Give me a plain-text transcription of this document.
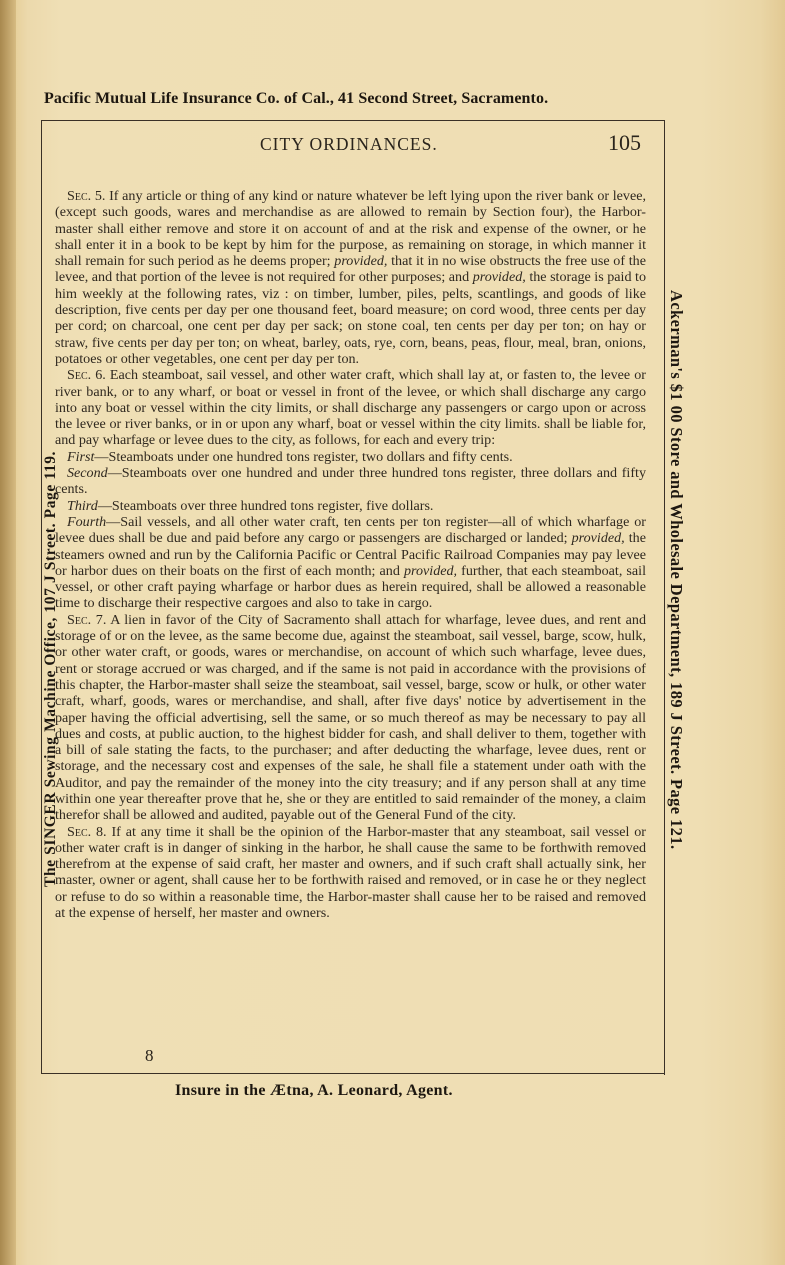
Pacific Mutual Life Insurance Co. of Cal., 41 Second Street, Sacramento.
The SINGER Sewing Machine Office, 107 J Street. Page 119.	Ackerman's $1 00 Store and Wholesale Department, 189 J Street. Page 121.
CITY ORDINANCES.	105

Sec. 5. If any article or thing of any kind or nature whatever be left lying upon the river bank or levee, (except such goods, wares and merchandise as are allowed to remain by Section four), the Harbor-master shall either remove and store it on account of and at the risk and expense of the owner, or he shall enter it in a book to be kept by him for the purpose, as remaining on storage, in which manner it shall remain for such period as he deems proper; provided, that it in no wise obstructs the free use of the levee, and that portion of the levee is not required for other purposes; and provided, the storage is paid to him weekly at the following rates, viz : on timber, lumber, piles, pelts, scantlings, and goods of like description, five cents per day per one thousand feet, board measure; on cord wood, three cents per day per cord; on charcoal, one cent per day per sack; on stone coal, ten cents per day per ton; on hay or straw, five cents per day per ton; on wheat, barley, oats, rye, corn, beans, peas, flour, meal, bran, onions, potatoes or other vegetables, one cent per day per ton.

Sec. 6. Each steamboat, sail vessel, and other water craft, which shall lay at, or fasten to, the levee or river bank, or to any wharf, or boat or vessel in front of the levee, or which shall discharge any cargo into any boat or vessel within the city limits, or shall discharge any passengers or cargo upon or across the levee or river banks, or in or upon any wharf, boat or vessel within the city limits. shall be liable for, and pay wharfage or levee dues to the city, as follows, for each and every trip:

First—Steamboats under one hundred tons register, two dollars and fifty cents.

Second—Steamboats over one hundred and under three hundred tons register, three dollars and fifty cents.

Third—Steamboats over three hundred tons register, five dollars.

Fourth—Sail vessels, and all other water craft, ten cents per ton register—all of which wharfage or levee dues shall be due and paid before any cargo or passengers are discharged or landed; provided, the steamers owned and run by the California Pacific or Central Pacific Railroad Companies may pay levee or harbor dues on their boats on the first of each month; and provided, further, that each steamboat, sail vessel, or other craft paying wharfage or harbor dues as herein required, shall be allowed a reasonable time to discharge their respective cargoes and also to take in cargo.

Sec. 7. A lien in favor of the City of Sacramento shall attach for wharfage, levee dues, and rent and storage of or on the levee, as the same become due, against the steamboat, sail vessel, barge, scow, hulk, or other water craft, or goods, wares or merchandise, on account of which such wharfage, levee dues, rent or storage accrued or was charged, and if the same is not paid in accordance with the provisions of this chapter, the Harbor-master shall seize the steamboat, sail vessel, barge, scow or hulk, or other water craft, wharf, goods, wares or merchandise, and shall, after five days' notice by advertisement in the paper having the official advertising, sell the same, or so much thereof as may be necessary to pay all dues and costs, at public auction, to the highest bidder for cash, and shall deliver to them, together with a bill of sale stating the facts, to the purchaser; and after deducting the wharfage, levee dues, rent or storage, and the necessary cost and expenses of the sale, he shall file a statement under oath with the Auditor, and pay the remainder of the money into the city treasury; and if any person shall at any time within one year thereafter prove that he, she or they are entitled to said remainder of the money, a claim therefor shall be allowed and audited, payable out of the General Fund of the city.

Sec. 8. If at any time it shall be the opinion of the Harbor-master that any steamboat, sail vessel or other water craft is in danger of sinking in the harbor, he shall cause the same to be forthwith removed therefrom at the expense of said craft, her master and owners, and if such craft shall actually sink, her master, owner or agent, shall cause her to be forthwith raised and removed, or in case he or they neglect or refuse to do so within a reasonable time, the Harbor-master shall cause her to be raised and removed at the expense of herself, her master and owners.

8
Insure in the Ætna, A. Leonard, Agent.
